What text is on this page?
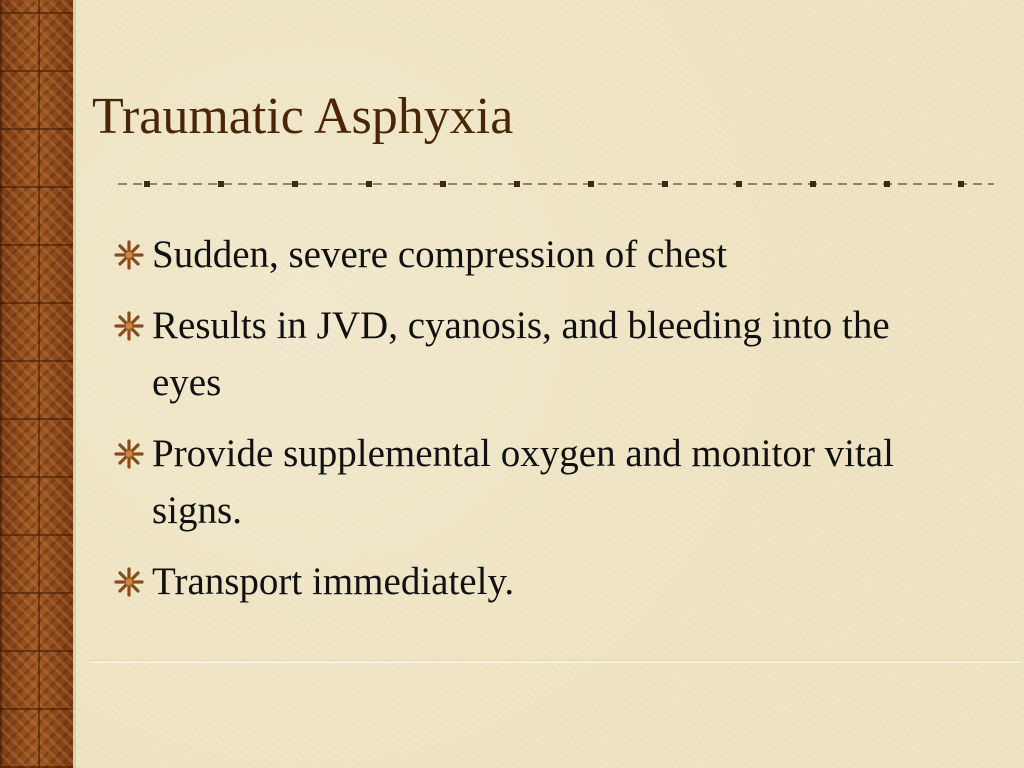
Traumatic Asphyxia
Sudden, severe compression of chest
Results in JVD, cyanosis, and bleeding into the eyes
Provide supplemental oxygen and monitor vital signs.
Transport immediately.
